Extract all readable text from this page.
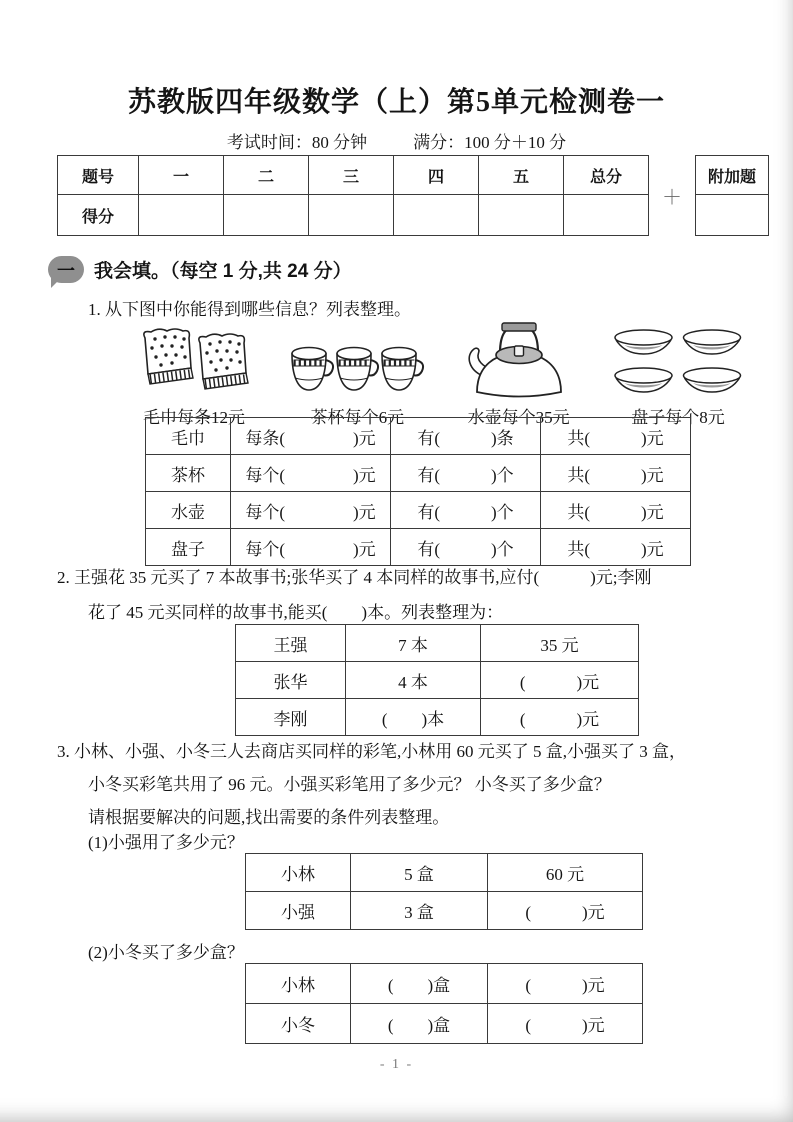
苏教版四年级数学（上）第5单元检测卷一
考试时间：80 分钟	满分：100 分＋10 分
题号	一	二	三	四	五	总分
得分						
＋
附加题

一	我会填。（每空 1 分,共 24 分）
1. 从下图中你能得到哪些信息？列表整理。
毛巾每条12元	茶杯每个6元	水壶每个35元	盘子每个8元
毛巾	每条(　　　　)元	有(　　　)条	共(　　　)元
茶杯	每个(　　　　)元	有(　　　)个	共(　　　)元
水壶	每个(　　　　)元	有(　　　)个	共(　　　)元
盘子	每个(　　　　)元	有(　　　)个	共(　　　)元
2. 王强花 35 元买了 7 本故事书;张华买了 4 本同样的故事书,应付(　　　)元;李刚
花了 45 元买同样的故事书,能买(　　)本。列表整理为：
王强	7 本	35 元
张华	4 本	(　　　)元
李刚	(　　)本	(　　　)元
3. 小林、小强、小冬三人去商店买同样的彩笔,小林用 60 元买了 5 盒,小强买了 3 盒，
小冬买彩笔共用了 96 元。小强买彩笔用了多少元？ 小冬买了多少盒？
请根据要解决的问题,找出需要的条件列表整理。
(1)小强用了多少元？
小林	5 盒	60 元
小强	3 盒	(　　　)元
(2)小冬买了多少盒？
小林	(　　)盒	(　　　)元
小冬	(　　)盒	(　　　)元
- 1 -
